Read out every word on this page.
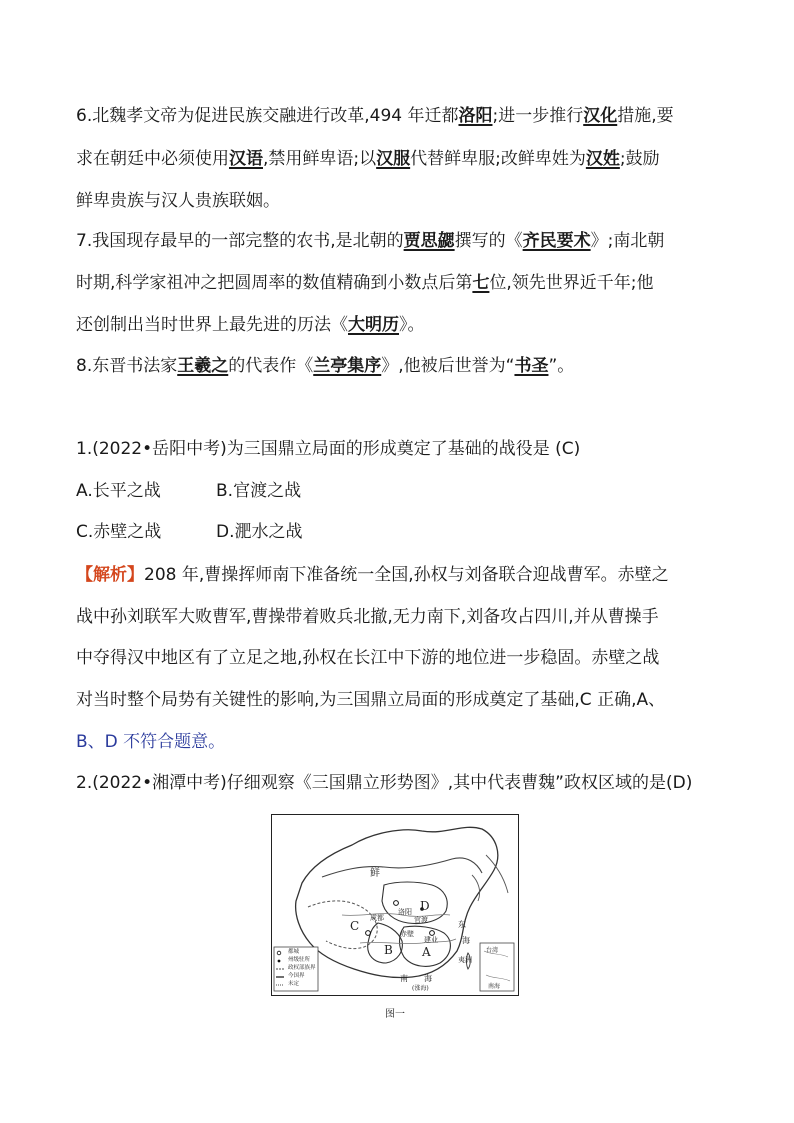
6.北魏孝文帝为促进民族交融进行改革,494 年迁都洛阳;进一步推行汉化措施,要
求在朝廷中必须使用汉语,禁用鲜卑语;以汉服代替鲜卑服;改鲜卑姓为汉姓;鼓励
鲜卑贵族与汉人贵族联姻。
7.我国现存最早的一部完整的农书,是北朝的贾思勰撰写的《齐民要术》;南北朝
时期,科学家祖冲之把圆周率的数值精确到小数点后第七位,领先世界近千年;他
还创制出当时世界上最先进的历法《大明历》。
8.东晋书法家王羲之的代表作《兰亭集序》,他被后世誉为“书圣”。
1.(2022•岳阳中考)为三国鼎立局面的形成奠定了基础的战役是 (C)
A.长平之战	B.官渡之战
C.赤壁之战	D.淝水之战
【解析】208 年,曹操挥师南下准备统一全国,孙权与刘备联合迎战曹军。赤壁之
战中孙刘联军大败曹军,曹操带着败兵北撤,无力南下,刘备攻占四川,并从曹操手
中夺得汉中地区有了立足之地,孙权在长江中下游的地位进一步稳固。赤壁之战
对当时整个局势有关键性的影响,为三国鼎立局面的形成奠定了基础,C 正确,A、
B、D 不符合题意。
2.(2022•湘潭中考)仔细观察《三国鼎立形势图》,其中代表曹魏”政权区域的是(D)
鲜
D
C
B A
成都
洛阳
建业
官渡
赤壁
东
海
夷洲
台湾
南　　海
(涨海)	南海
都城
州级驻所
政权部族界
今国界
未定
图一
